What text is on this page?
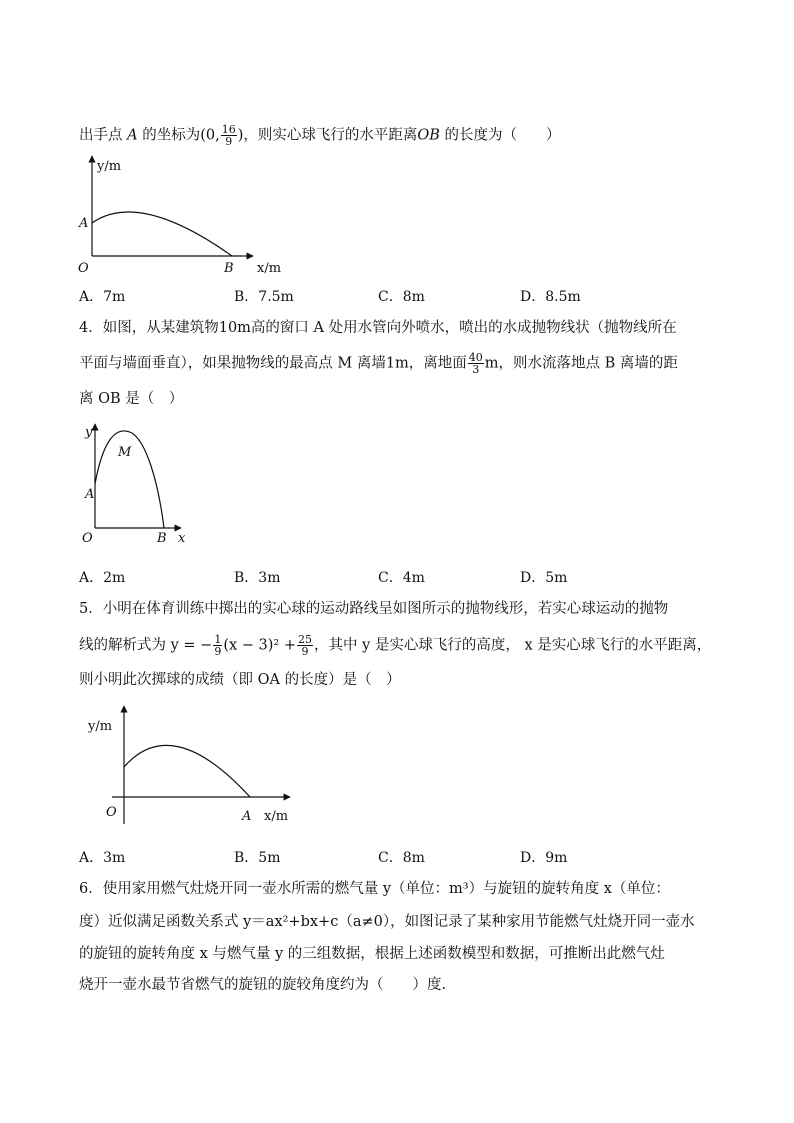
出手点 A 的坐标为(0, $\frac{16}{9}$ )，则实心球飞行的水平距离OB 的长度为（　　）
y/m
O
A
B x/m
A．7m	B．7.5m	C．8m	D．8.5m
4．如图，从某建筑物10m高的窗口 A 处用水管向外喷水，喷出的水成抛物线状（抛物线所在
平面与墙面垂直），如果抛物线的最高点 M 离墙1m，离地面 $\frac{40}{3}$ m，则水流落地点 B 离墙的距
离 OB 是（　）
y
M
A
O	B x
A．2m	B．3m	C．4m	D．5m
5．小明在体育训练中掷出的实心球的运动路线呈如图所示的抛物线形，若实心球运动的抛物
线的解析式为 y = − $\frac{1}{9} (x - 3)^2 + \frac{25}{9}$ ，其中 y 是实心球飞行的高度， x 是实心球飞行的水平距离，
则小明此次掷球的成绩（即 OA 的长度）是（　）
y/m
O	A x/m
A．3m	B．5m	C．8m	D．9m
6．使用家用燃气灶烧开同一壶水所需的燃气量 y（单位：m³）与旋钮的旋转角度 x（单位：
度）近似满足函数关系式 y＝ax²+bx+c（a≠0），如图记录了某种家用节能燃气灶烧开同一壶水
的旋钮的旋转角度 x 与燃气量 y 的三组数据，根据上述函数模型和数据，可推断出此燃气灶
烧开一壶水最节省燃气的旋钮的旋较角度约为（　　）度.
